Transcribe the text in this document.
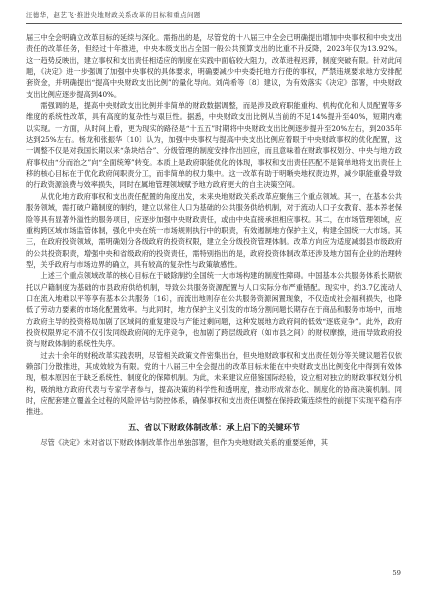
汪德华，赵艺飞·推进央地财政关系改革的目标和重点问题

届三中全会明确立改革目标的延续与深化。需指出的是，尽管党的十八届三中全会已明确提出增加中央事权和中央支出责任的改革任务，但经过十年推进，中央本级支出占全国一般公共预算支出的比重不升反降，2023年仅为13.92%。这一趋势反映出，建立事权和支出责任相适应的制度在实践中面临较大阻力，改革进程迟滞，制度突破有限。针对此问题，《决定》进一步强调了加强中央事权的具体要求，明确要减少中央委托地方行使的事权，严禁违规要求地方安排配套资金，并明确提出“提高中央财政支出比例”的量化导向。刘尚希等〔8〕建议，为有效落实《决定》部署，中央财政支出比例应逐步提高到40%。

需强调的是，提高中央财政支出比例并非简单的财政数据调整，而是涉及政府职能重构、机构优化和人员配置等多维度的系统性改革，具有高度的复杂性与艰巨性。据悉，中央财政支出比例从当前的不足14%提升至40%，短期内难以实现。一方面，从时间上看，更为现实的路径是“十五五”时期将中央财政支出比例逐步提升至20%左右，到2035年达到25%左右。杨龙和张振华〔10〕认为，加强中央事权与提高中央支出比例应着眼于中央财政事权的优化配置，这一调整不仅是对我国长期以来“条块结合”、分级管理的制度安排作出回应，而且意味着在财政事权划分、中央与地方政府事权由“分而治之”向“全面统筹”转变。本质上是政府职能优化的体现，事权和支出责任匹配不是简单地将支出责任上移的核心目标在于优化政府间职责分工，而非简单的权力集中。这一改革有助于明晰央地权责边界，减少职能重叠导致的行政资源浪费与效率损失，同时在属地管理领域赋予地方政府更大的自主决策空间。

从优化地方政府事权和支出责任配置的角度出发，未来央地财政关系改革应聚焦三个重点领域。其一，在基本公共服务领域，需打破户籍制度的制约，建立以常住人口为基础的公共服务供给机制，对于流动人口子女教育、基本养老保险等具有显著外溢性的服务项目，应逐步加强中央财政责任，或由中央直接承担相应事权。其二，在市场管理领域，应重构跨区域市场监管体制，强化中央在统一市场规则执行中的职责，有效遏制地方保护主义，构建全国统一大市场。其三，在政府投资领域，需明确划分各级政府的投资权限，建立全分级投资管理体制。改革方向应为适度减弱县市级政府的公共投资职责，增强中央和省级政府的投资责任，需特别指出的是，政府投资体制改革还涉及地方国有企业的治理转型，关乎政府与市场边界的确立，具有较高的复杂性与政策敏感性。

上述三个重点领域改革的核心目标在于破除制约全国统一大市场构建的制度性障碍。中国基本公共服务体系长期依托以户籍制度为基础的市县政府供给机制，导致公共服务资源配置与人口实际分布严重错配。现实中，约3.7亿流动人口在流入地难以平等享有基本公共服务〔16〕，而流出地则存在公共服务资源闲置现象，不仅造成社会福利损失，也降低了劳动力要素的市场化配置效率。与此同时，地方保护主义引发的市场分割问题长期存在于商品和服务市场中，而地方政府主导的投资格局加剧了区域间的重复建设与产能过剩问题，这种发展地方政府间的低效“逐底竞争”。此外，政府投资权限界定不清不仅引发同级政府间的无序竞争，也加剧了跨层级政府（如市县之间）的财权摩擦，进而导致政府投资与财政体制的系统性失序。

过去十余年的财税改革实践表明，尽管相关政策文件密集出台，但央地财政事权和支出责任划分等关键议题若仅依赖部门分散推进，其成效较为有限。党的十八届三中全会提出的改革目标未能在中央财政支出比例变化中得到有效体现，根本原因在于缺乏系统性、制度化的保障机制。为此，未来建议应借鉴国际经验，设立相对独立的财政事权划分机构，吸纳地方政府代表与专家学者参与，提高决策的科学性和透明度，推动形成常态化、制度化的协商决策机制。同时，应配套建立覆盖全过程的风险评估与防控体系，确保事权和支出责任调整在保持政策连续性的前提下实现平稳有序推进。

五、省以下财政体制改革：承上启下的关键环节

尽管《决定》未对省以下财政体制改革作出单独部署，但作为央地财政关系的重要延伸，其

59
